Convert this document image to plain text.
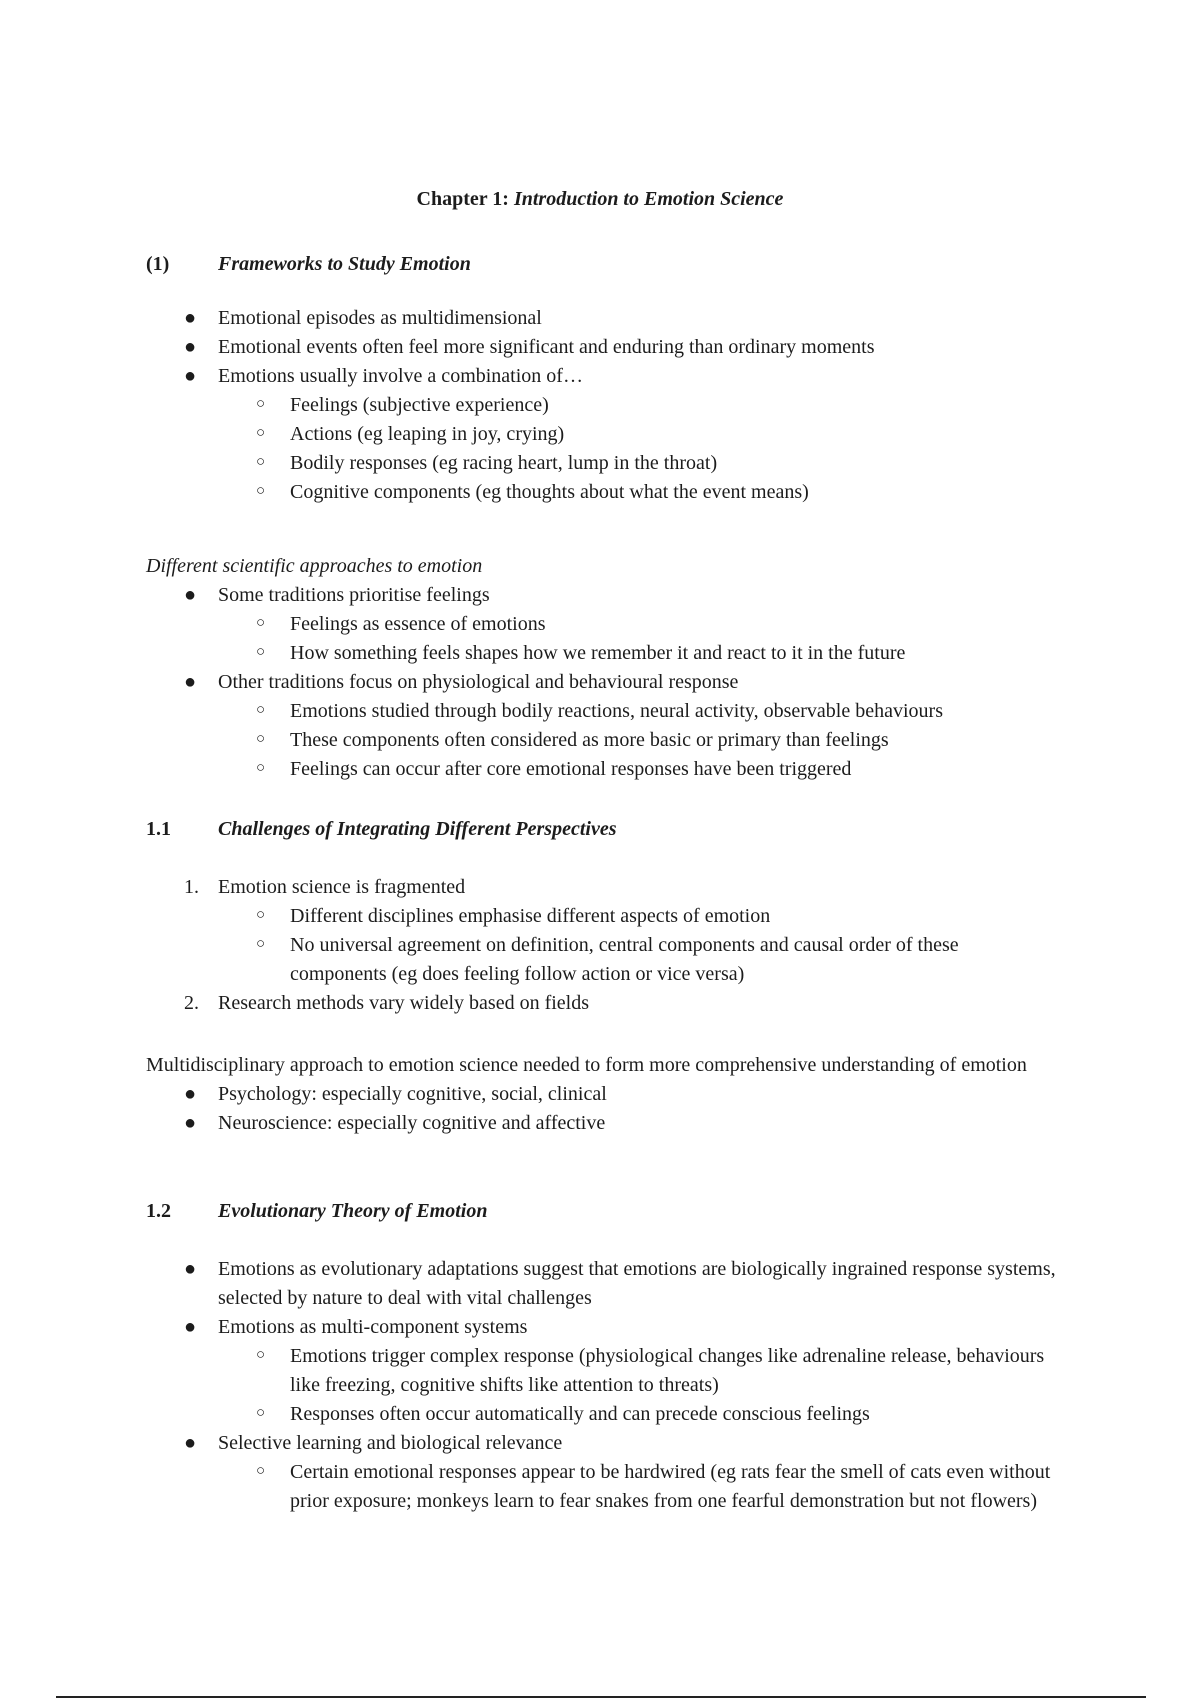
Chapter 1: Introduction to Emotion Science
(1) Frameworks to Study Emotion
● Emotional episodes as multidimensional
● Emotional events often feel more significant and enduring than ordinary moments
● Emotions usually involve a combination of…
○ Feelings (subjective experience)
○ Actions (eg leaping in joy, crying)
○ Bodily responses (eg racing heart, lump in the throat)
○ Cognitive components (eg thoughts about what the event means)
Different scientific approaches to emotion
● Some traditions prioritise feelings
○ Feelings as essence of emotions
○ How something feels shapes how we remember it and react to it in the future
● Other traditions focus on physiological and behavioural response
○ Emotions studied through bodily reactions, neural activity, observable behaviours
○ These components often considered as more basic or primary than feelings
○ Feelings can occur after core emotional responses have been triggered
1.1 Challenges of Integrating Different Perspectives
1. Emotion science is fragmented
○ Different disciplines emphasise different aspects of emotion
○ No universal agreement on definition, central components and causal order of these components (eg does feeling follow action or vice versa)
2. Research methods vary widely based on fields
Multidisciplinary approach to emotion science needed to form more comprehensive understanding of emotion
● Psychology: especially cognitive, social, clinical
● Neuroscience: especially cognitive and affective
1.2 Evolutionary Theory of Emotion
● Emotions as evolutionary adaptations suggest that emotions are biologically ingrained response systems, selected by nature to deal with vital challenges
● Emotions as multi-component systems
○ Emotions trigger complex response (physiological changes like adrenaline release, behaviours like freezing, cognitive shifts like attention to threats)
○ Responses often occur automatically and can precede conscious feelings
● Selective learning and biological relevance
○ Certain emotional responses appear to be hardwired (eg rats fear the smell of cats even without prior exposure; monkeys learn to fear snakes from one fearful demonstration but not flowers)
